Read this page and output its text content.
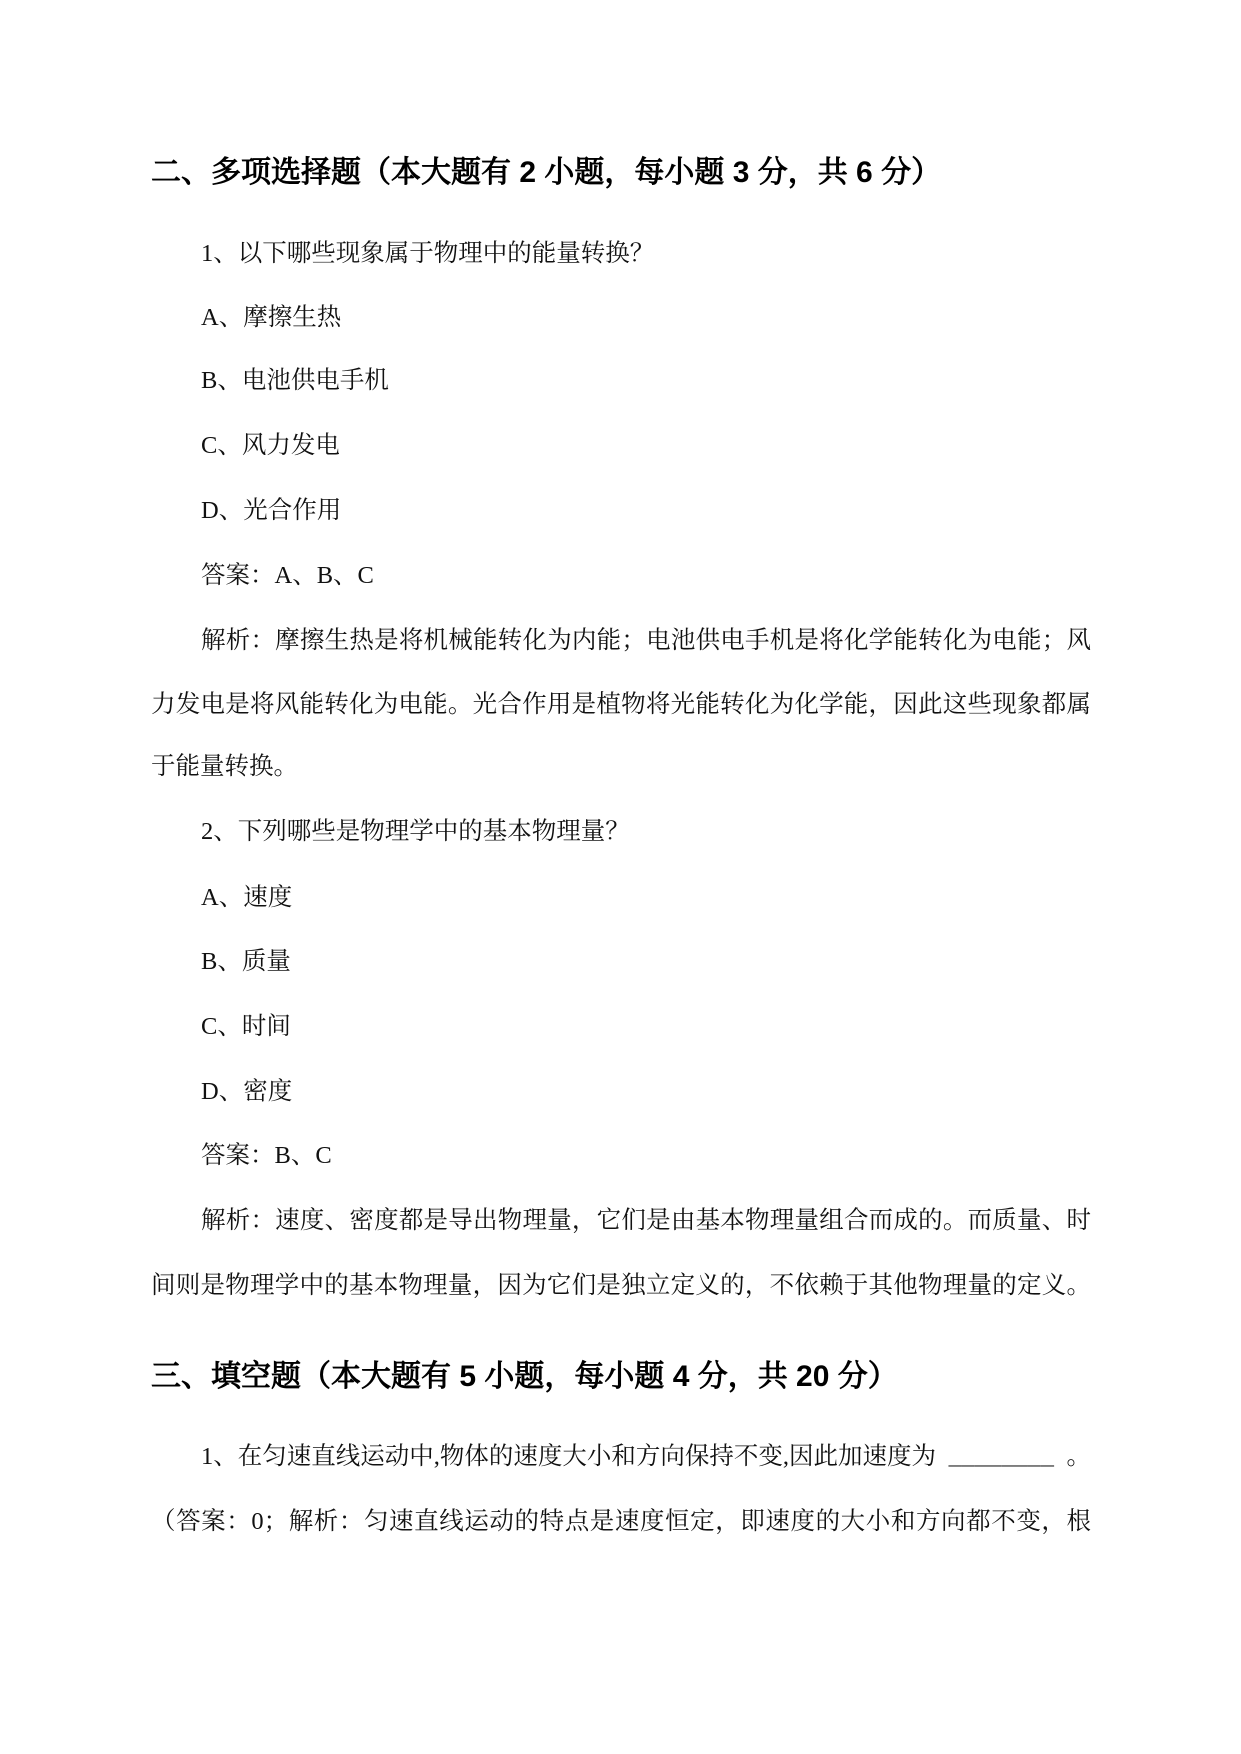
二、多项选择题（本大题有 2 小题，每小题 3 分，共 6 分）
1、以下哪些现象属于物理中的能量转换？
A、摩擦生热
B、电池供电手机
C、风力发电
D、光合作用
答案：A、B、C
解析：摩擦生热是将机械能转化为内能；电池供电手机是将化学能转化为电能；风
力发电是将风能转化为电能。光合作用是植物将光能转化为化学能，因此这些现象都属
于能量转换。
2、下列哪些是物理学中的基本物理量？
A、速度
B、质量
C、时间
D、密度
答案：B、C
解析：速度、密度都是导出物理量，它们是由基本物理量组合而成的。而质量、时
间则是物理学中的基本物理量，因为它们是独立定义的，不依赖于其他物理量的定义。
三、填空题（本大题有 5 小题，每小题 4 分，共 20 分）
1、在匀速直线运动中,物体的速度大小和方向保持不变,因此加速度为 ________ 。
（答案：0；解析：匀速直线运动的特点是速度恒定，即速度的大小和方向都不变，根
